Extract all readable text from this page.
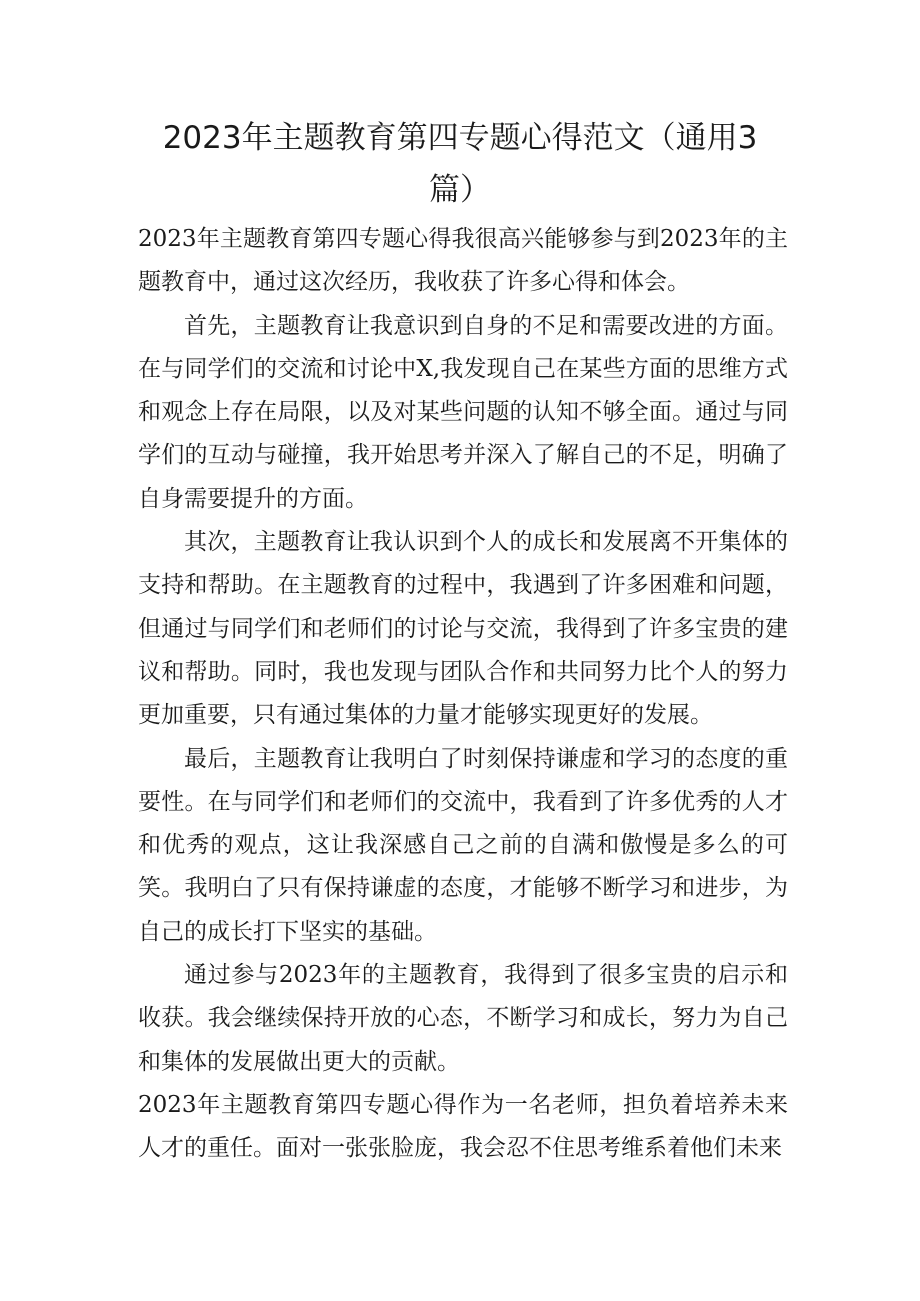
2023年主题教育第四专题心得范文（通用3篇）

2023年主题教育第四专题心得我很高兴能够参与到2023年的主题教育中，通过这次经历，我收获了许多心得和体会。

首先，主题教育让我意识到自身的不足和需要改进的方面。在与同学们的交流和讨论中X,我发现自己在某些方面的思维方式和观念上存在局限，以及对某些问题的认知不够全面。通过与同学们的互动与碰撞，我开始思考并深入了解自己的不足，明确了自身需要提升的方面。

其次，主题教育让我认识到个人的成长和发展离不开集体的支持和帮助。在主题教育的过程中，我遇到了许多困难和问题，但通过与同学们和老师们的讨论与交流，我得到了许多宝贵的建议和帮助。同时，我也发现与团队合作和共同努力比个人的努力更加重要，只有通过集体的力量才能够实现更好的发展。

最后，主题教育让我明白了时刻保持谦虚和学习的态度的重要性。在与同学们和老师们的交流中，我看到了许多优秀的人才和优秀的观点，这让我深感自己之前的自满和傲慢是多么的可笑。我明白了只有保持谦虚的态度，才能够不断学习和进步，为自己的成长打下坚实的基础。

通过参与2023年的主题教育，我得到了很多宝贵的启示和收获。我会继续保持开放的心态，不断学习和成长，努力为自己和集体的发展做出更大的贡献。

2023年主题教育第四专题心得作为一名老师，担负着培养未来人才的重任。面对一张张脸庞，我会忍不住思考维系着他们未来
